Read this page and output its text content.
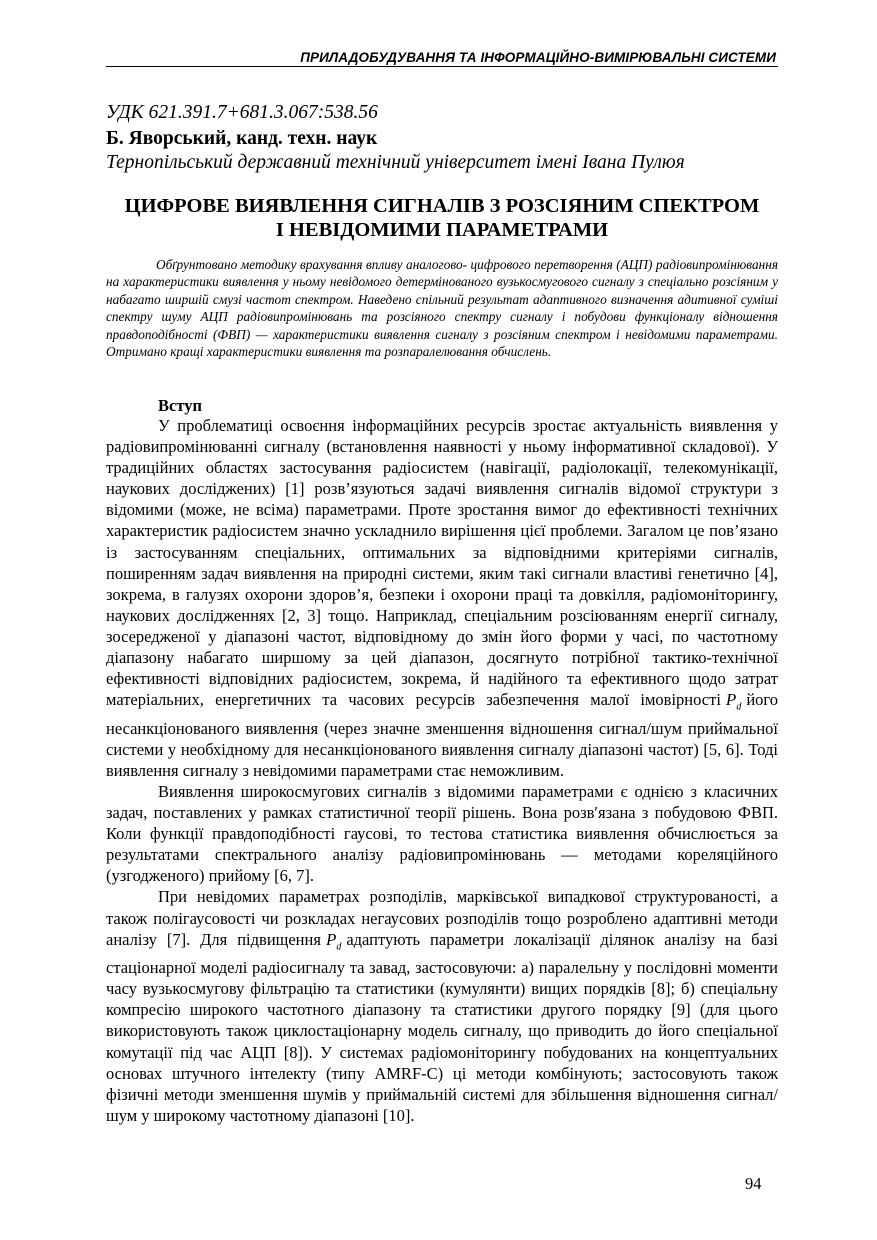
ПРИЛАДОБУДУВАННЯ ТА ІНФОРМАЦІЙНО-ВИМІРЮВАЛЬНІ СИСТЕМИ
УДК 621.391.7+681.3.067:538.56
Б. Яворський, канд. техн. наук
Тернопільський державний технічний університет імені Івана Пулюя
ЦИФРОВЕ ВИЯВЛЕННЯ СИГНАЛІВ З РОЗСІЯНИМ СПЕКТРОМ
І НЕВІДОМИМИ ПАРАМЕТРАМИ
Обґрунтовано методику врахування впливу аналогово- цифрового перетворення (АЦП) радіовипромінювання на характеристики виявлення у ньому невідомого детермінованого вузькосмугового сигналу з спеціально розсіяним у набагато ширшій смузі частот спектром. Наведено спільний результат адаптивного визначення адитивної суміші спектру шуму АЦП радіовипромінювань та розсіяного спектру сигналу і побудови функціоналу відношення правдоподібності (ФВП) — характеристики виявлення сигналу з розсіяним спектром і невідомими параметрами. Отримано кращі характеристики виявлення та розпаралелювання обчислень.
Вступ

У проблематиці освоєння інформаційних ресурсів зростає актуальність виявлення у радіовипромінюванні сигналу (встановлення наявності у ньому інформативної складової). У традиційних областях застосування радіосистем (навігації, радіолокації, телекомунікації, наукових досліджених) [1] розв’язуються задачі виявлення сигналів відомої структури з відомими (може, не всіма) параметрами. Проте зростання вимог до ефективності технічних характеристик радіосистем значно ускладнило вирішення цієї проблеми. Загалом це пов’язано із застосуванням спеціальних, оптимальних за відповідними критеріями сигналів, поширенням задач виявлення на природні системи, яким такі сигнали властиві генетично [4], зокрема, в галузях охорони здоров’я, безпеки і охорони праці та довкілля, радіомоніторингу, наукових дослідженнях [2, 3] тощо. Наприклад, спеціальним розсіюванням енергії сигналу, зосередженої у діапазоні частот, відповідному до змін його форми у часі, по частотному діапазону набагато ширшому за цей діапазон, досягнуто потрібної тактико-технічної ефективності відповідних радіосистем, зокрема, й надійного та ефективного щодо затрат матеріальних, енергетичних та часових ресурсів забезпечення малої імовірності $P_d$ його несанкціонованого виявлення (через значне зменшення відношення сигнал/шум приймальної системи у необхідному для несанкціонованого виявлення сигналу діапазоні частот) [5, 6]. Тоді виявлення сигналу з невідомими параметрами стає неможливим.

Виявлення широкосмугових сигналів з відомими параметрами є однією з класичних задач, поставлених у рамках статистичної теорії рішень. Вона розв′язана з побудовою ФВП. Коли функції правдоподібності гаусові, то тестова статистика виявлення обчислюється за результатами спектрального аналізу радіовипромінювань — методами кореляційного (узгодженого) прийому [6, 7].

При невідомих параметрах розподілів, марківської випадкової структурованості, а також полігаусовості чи розкладах негаусових розподілів тощо розроблено адаптивні методи аналізу [7]. Для підвищення $P_d$ адаптують параметри локалізації ділянок аналізу на базі стаціонарної моделі радіосигналу та завад, застосовуючи: а) паралельну у послідовні моменти часу вузькосмугову фільтрацію та статистики (кумулянти) вищих порядків [8]; б) спеціальну компресію широкого частотного діапазону та статистики другого порядку [9] (для цього використовують також циклостаціонарну модель сигналу, що приводить до його спеціальної комутації під час АЦП [8]). У системах радіомоніторингу побудованих на концептуальних основах штучного інтелекту (типу AMRF-C) ці методи комбінують; застосовують також фізичні методи зменшення шумів у приймальній системі для збільшення відношення сигнал/шум у широкому частотному діапазоні [10].

94
